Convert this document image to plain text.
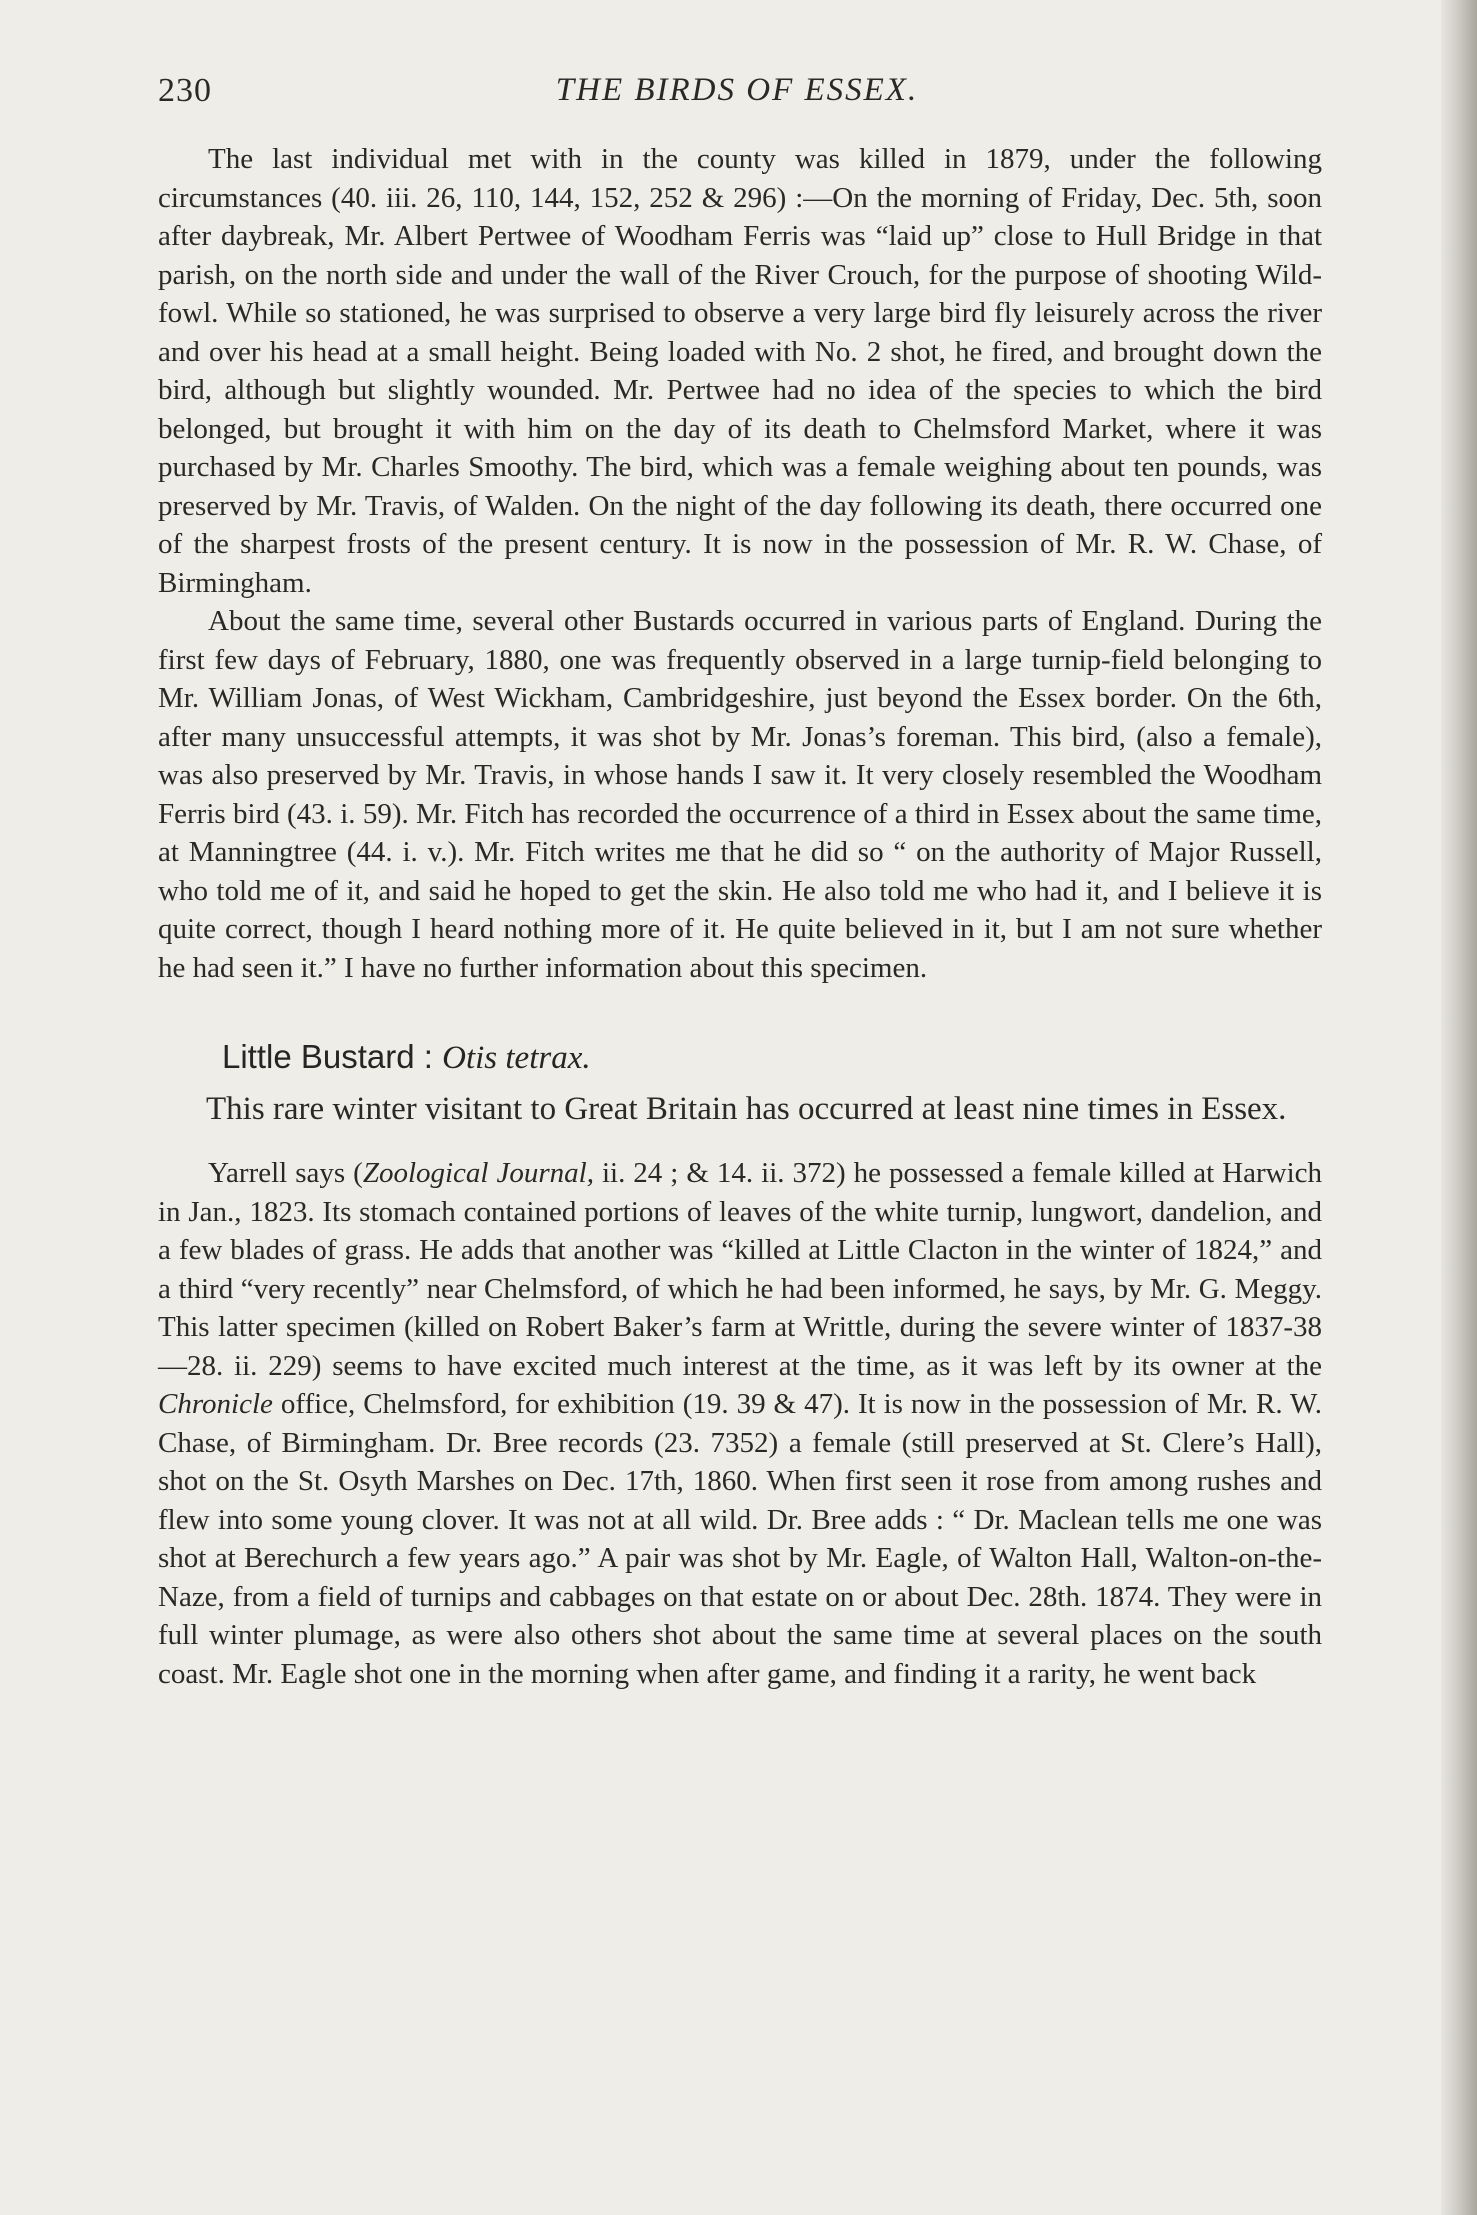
230	THE BIRDS OF ESSEX.

The last individual met with in the county was killed in 1879, under the following circumstances (40. iii. 26, 110, 144, 152, 252 & 296) :—On the morning of Friday, Dec. 5th, soon after daybreak, Mr. Albert Pertwee of Woodham Ferris was “laid up” close to Hull Bridge in that parish, on the north side and under the wall of the River Crouch, for the purpose of shooting Wild-fowl. While so stationed, he was surprised to observe a very large bird fly leisurely across the river and over his head at a small height. Being loaded with No. 2 shot, he fired, and brought down the bird, although but slightly wounded. Mr. Pertwee had no idea of the species to which the bird belonged, but brought it with him on the day of its death to Chelmsford Market, where it was purchased by Mr. Charles Smoothy. The bird, which was a female weighing about ten pounds, was preserved by Mr. Travis, of Walden. On the night of the day following its death, there occurred one of the sharpest frosts of the present century. It is now in the possession of Mr. R. W. Chase, of Birmingham.

About the same time, several other Bustards occurred in various parts of England. During the first few days of February, 1880, one was frequently observed in a large turnip-field belonging to Mr. William Jonas, of West Wickham, Cambridgeshire, just beyond the Essex border. On the 6th, after many unsuccessful attempts, it was shot by Mr. Jonas’s foreman. This bird, (also a female), was also preserved by Mr. Travis, in whose hands I saw it. It very closely resembled the Woodham Ferris bird (43. i. 59). Mr. Fitch has recorded the occurrence of a third in Essex about the same time, at Manningtree (44. i. v.). Mr. Fitch writes me that he did so “ on the authority of Major Russell, who told me of it, and said he hoped to get the skin. He also told me who had it, and I believe it is quite correct, though I heard nothing more of it. He quite believed in it, but I am not sure whether he had seen it.” I have no further information about this specimen.

Little Bustard : Otis tetrax.

This rare winter visitant to Great Britain has occurred at least nine times in Essex.

Yarrell says (Zoological Journal, ii. 24 ; & 14. ii. 372) he possessed a female killed at Harwich in Jan., 1823. Its stomach contained portions of leaves of the white turnip, lungwort, dandelion, and a few blades of grass. He adds that another was “killed at Little Clacton in the winter of 1824,” and a third “very recently” near Chelmsford, of which he had been informed, he says, by Mr. G. Meggy. This latter specimen (killed on Robert Baker’s farm at Writtle, during the severe winter of 1837-38—28. ii. 229) seems to have excited much interest at the time, as it was left by its owner at the Chronicle office, Chelmsford, for exhibition (19. 39 & 47). It is now in the possession of Mr. R. W. Chase, of Birmingham. Dr. Bree records (23. 7352) a female (still preserved at St. Clere’s Hall), shot on the St. Osyth Marshes on Dec. 17th, 1860. When first seen it rose from among rushes and flew into some young clover. It was not at all wild. Dr. Bree adds : “ Dr. Maclean tells me one was shot at Berechurch a few years ago.” A pair was shot by Mr. Eagle, of Walton Hall, Walton-on-the-Naze, from a field of turnips and cabbages on that estate on or about Dec. 28th. 1874. They were in full winter plumage, as were also others shot about the same time at several places on the south coast. Mr. Eagle shot one in the morning when after game, and finding it a rarity, he went back
